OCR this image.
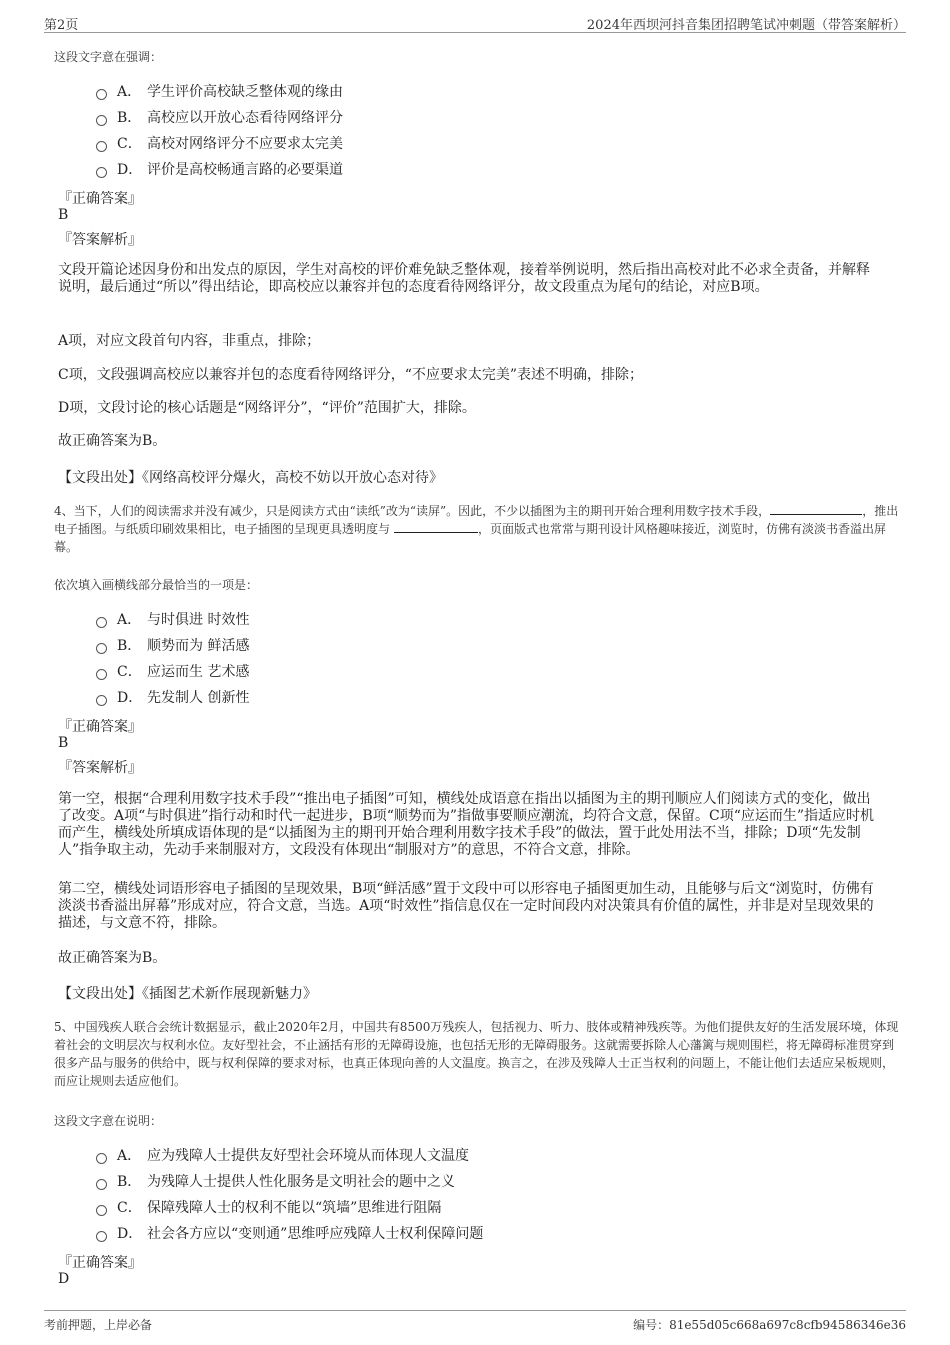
第2页	2024年西坝河抖音集团招聘笔试冲刺题（带答案解析）
这段文字意在强调：
A． 学生评价高校缺乏整体观的缘由
B． 高校应以开放心态看待网络评分
C． 高校对网络评分不应要求太完美
D． 评价是高校畅通言路的必要渠道
『正确答案』
B
『答案解析』
文段开篇论述因身份和出发点的原因，学生对高校的评价难免缺乏整体观，接着举例说明，然后指出高校对此不必求全责备，并解释说明，最后通过“所以”得出结论，即高校应以兼容并包的态度看待网络评分，故文段重点为尾句的结论，对应B项。
A项，对应文段首句内容，非重点，排除；
C项，文段强调高校应以兼容并包的态度看待网络评分，“不应要求太完美”表述不明确，排除；
D项，文段讨论的核心话题是“网络评分”，“评价”范围扩大，排除。
故正确答案为B。
【文段出处】《网络高校评分爆火，高校不妨以开放心态对待》
4、当下，人们的阅读需求并没有减少，只是阅读方式由“读纸”改为“读屏”。因此，不少以插图为主的期刊开始合理利用数字技术手段，	，推出电子插图。与纸质印刷效果相比，电子插图的呈现更具透明度与	，页面版式也常常与期刊设计风格趣味接近，浏览时，仿佛有淡淡书香溢出屏幕。
依次填入画横线部分最恰当的一项是：
A． 与时俱进 时效性
B． 顺势而为 鲜活感
C． 应运而生 艺术感
D． 先发制人 创新性
『正确答案』
B
『答案解析』
第一空，根据“合理利用数字技术手段”“推出电子插图”可知，横线处成语意在指出以插图为主的期刊顺应人们阅读方式的变化，做出了改变。A项“与时俱进”指行动和时代一起进步，B项“顺势而为”指做事要顺应潮流，均符合文意，保留。C项“应运而生”指适应时机而产生，横线处所填成语体现的是“以插图为主的期刊开始合理利用数字技术手段”的做法，置于此处用法不当，排除；D项“先发制人”指争取主动，先动手来制服对方，文段没有体现出“制服对方”的意思，不符合文意，排除。
第二空，横线处词语形容电子插图的呈现效果，B项“鲜活感”置于文段中可以形容电子插图更加生动，且能够与后文“浏览时，仿佛有淡淡书香溢出屏幕”形成对应，符合文意，当选。A项“时效性”指信息仅在一定时间段内对决策具有价值的属性，并非是对呈现效果的描述，与文意不符，排除。
故正确答案为B。
【文段出处】《插图艺术新作展现新魅力》
5、中国残疾人联合会统计数据显示，截止2020年2月，中国共有8500万残疾人，包括视力、听力、肢体或精神残疾等。为他们提供友好的生活发展环境，体现着社会的文明层次与权利水位。友好型社会，不止涵括有形的无障碍设施，也包括无形的无障碍服务。这就需要拆除人心藩篱与规则围栏，将无障碍标准贯穿到很多产品与服务的供给中，既与权利保障的要求对标，也真正体现向善的人文温度。换言之，在涉及残障人士正当权利的问题上，不能让他们去适应呆板规则，而应让规则去适应他们。
这段文字意在说明：
A． 应为残障人士提供友好型社会环境从而体现人文温度
B． 为残障人士提供人性化服务是文明社会的题中之义
C． 保障残障人士的权利不能以“筑墙”思维进行阻隔
D． 社会各方应以“变则通”思维呼应残障人士权利保障问题
『正确答案』
D
考前押题，上岸必备	编号：81e55d05c668a697c8cfb94586346e36
